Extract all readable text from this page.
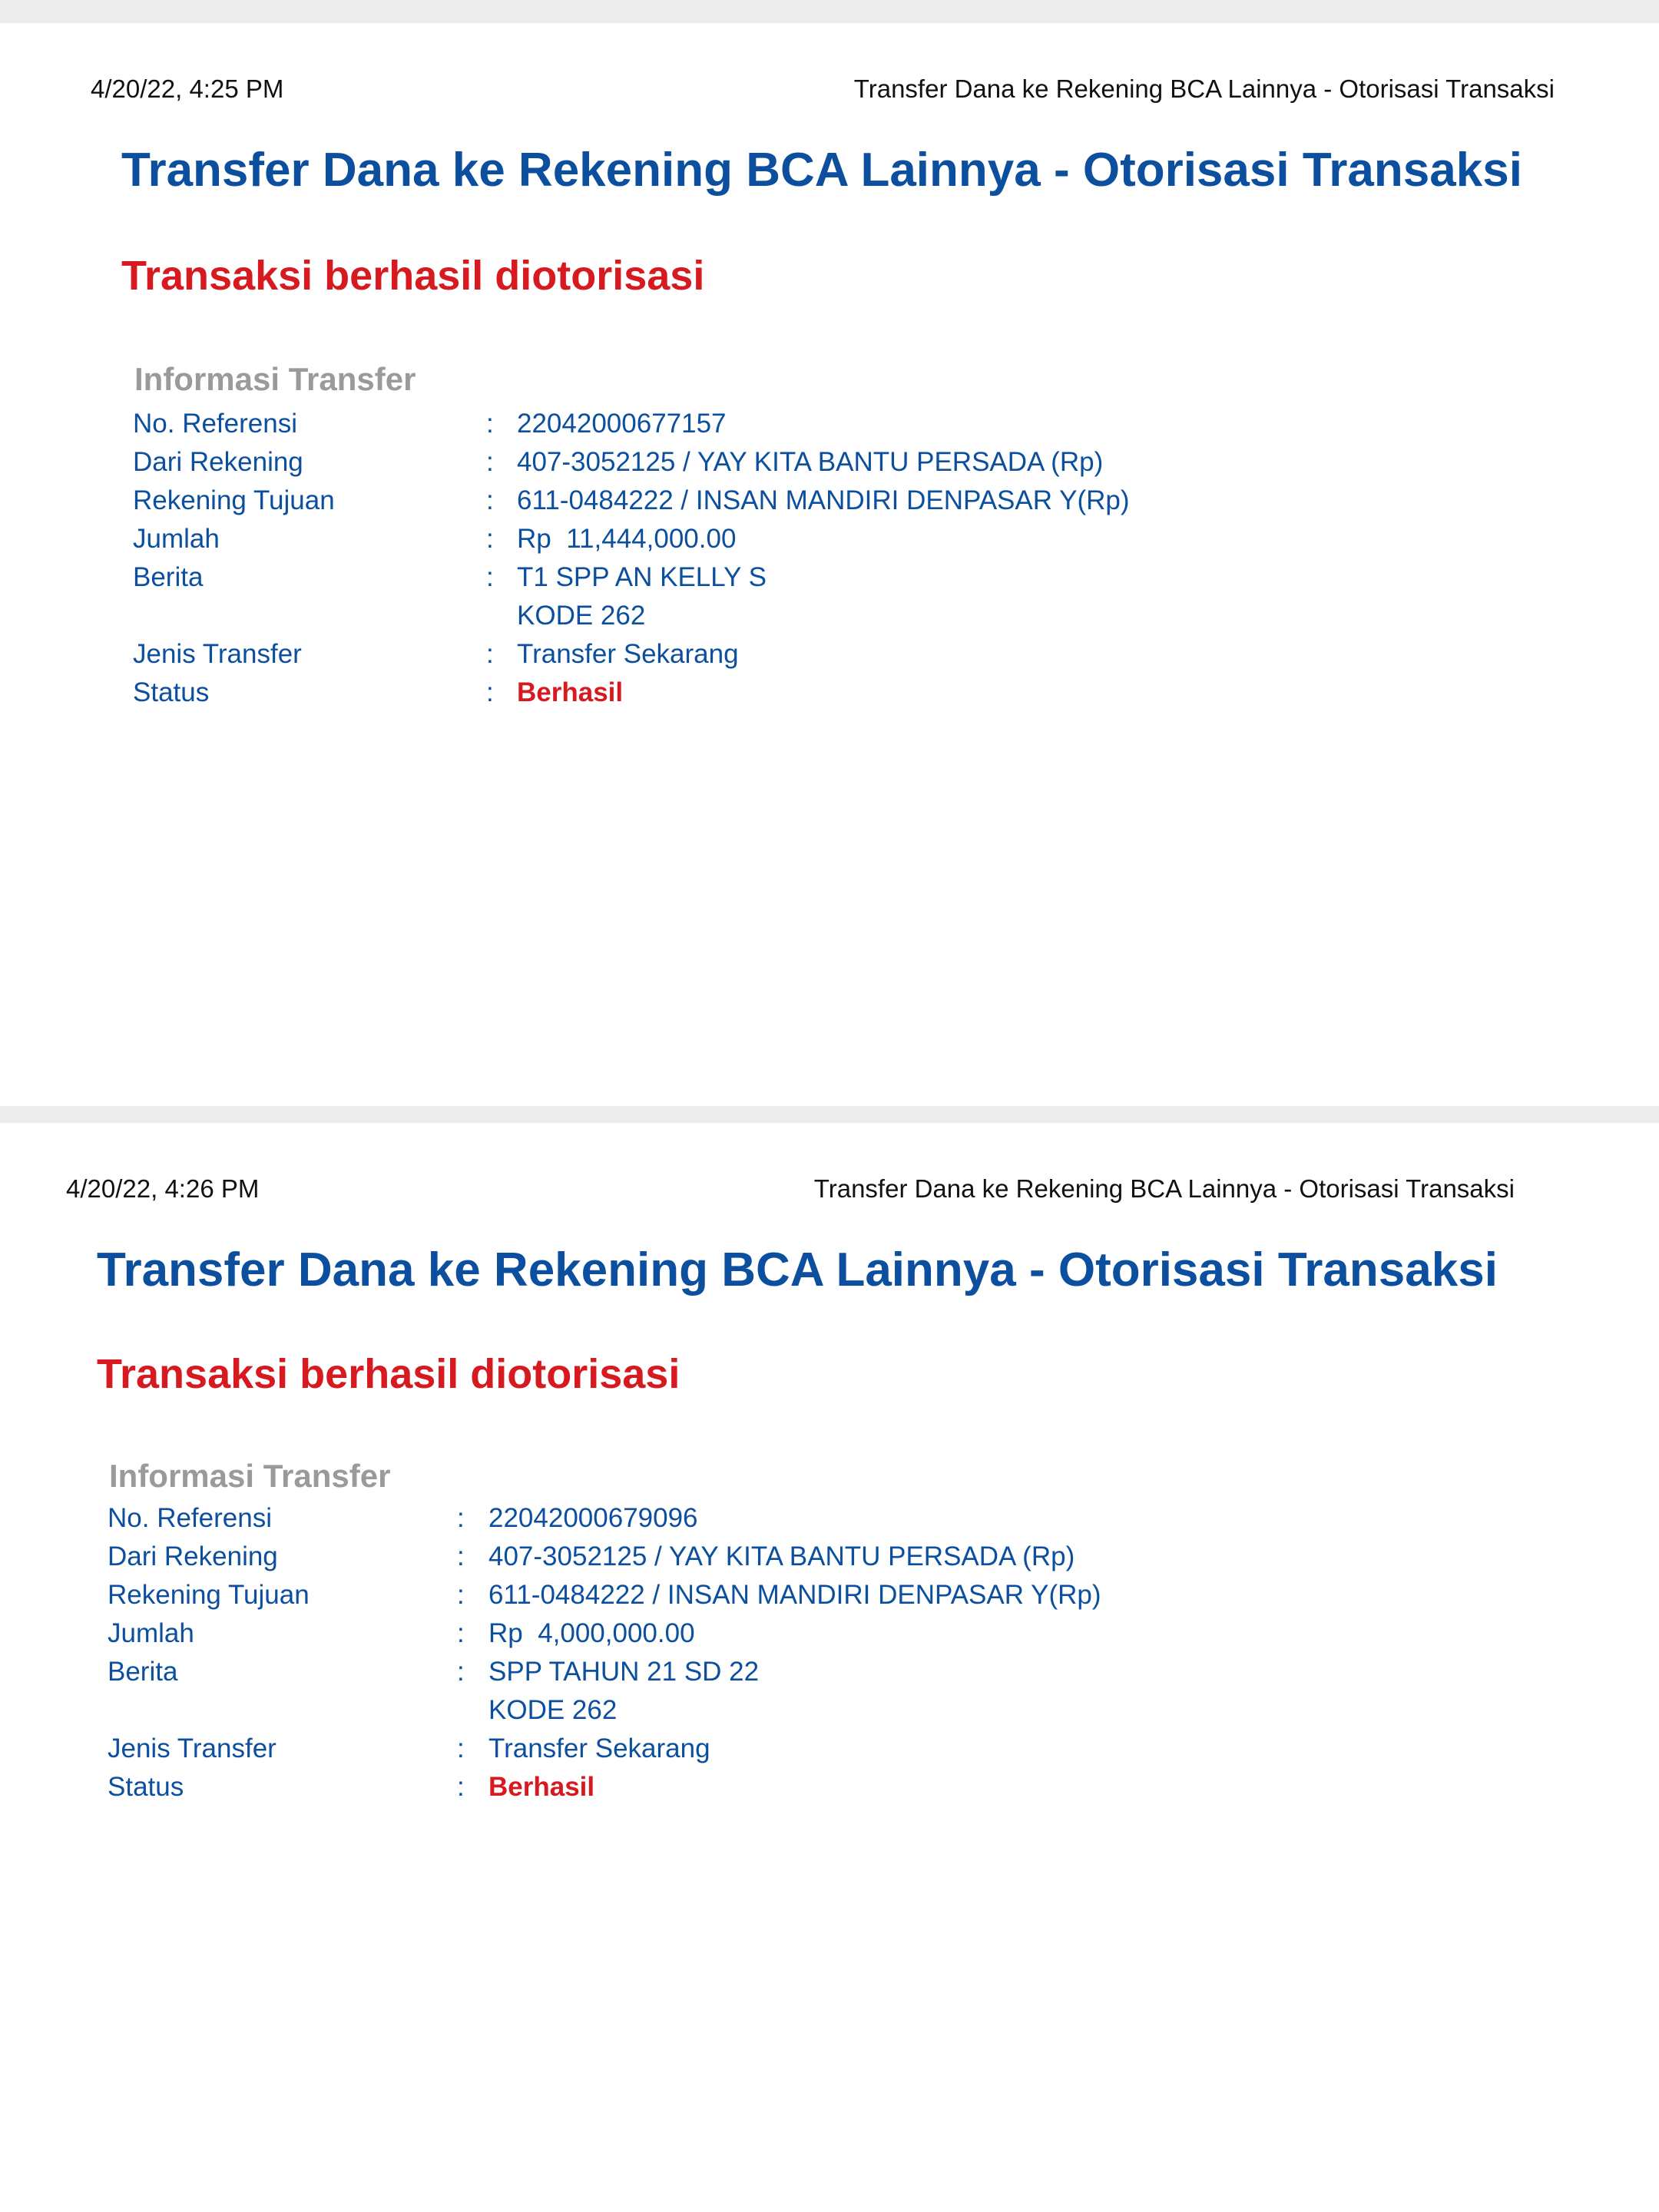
4/20/22, 4:25 PM	Transfer Dana ke Rekening BCA Lainnya - Otorisasi Transaksi
Transfer Dana ke Rekening BCA Lainnya - Otorisasi Transaksi
Transaksi berhasil diotorisasi
Informasi Transfer
No. Referensi	: 22042000677157
Dari Rekening	: 407-3052125 / YAY KITA BANTU PERSADA (Rp)
Rekening Tujuan	: 611-0484222 / INSAN MANDIRI DENPASAR Y(Rp)
Jumlah	: Rp  11,444,000.00
Berita	: T1 SPP AN KELLY S
KODE 262
Jenis Transfer	: Transfer Sekarang
Status	: Berhasil
4/20/22, 4:26 PM	Transfer Dana ke Rekening BCA Lainnya - Otorisasi Transaksi
Transfer Dana ke Rekening BCA Lainnya - Otorisasi Transaksi
Transaksi berhasil diotorisasi
Informasi Transfer
No. Referensi	: 22042000679096
Dari Rekening	: 407-3052125 / YAY KITA BANTU PERSADA (Rp)
Rekening Tujuan	: 611-0484222 / INSAN MANDIRI DENPASAR Y(Rp)
Jumlah	: Rp  4,000,000.00
Berita	: SPP TAHUN 21 SD 22
KODE 262
Jenis Transfer	: Transfer Sekarang
Status	: Berhasil
